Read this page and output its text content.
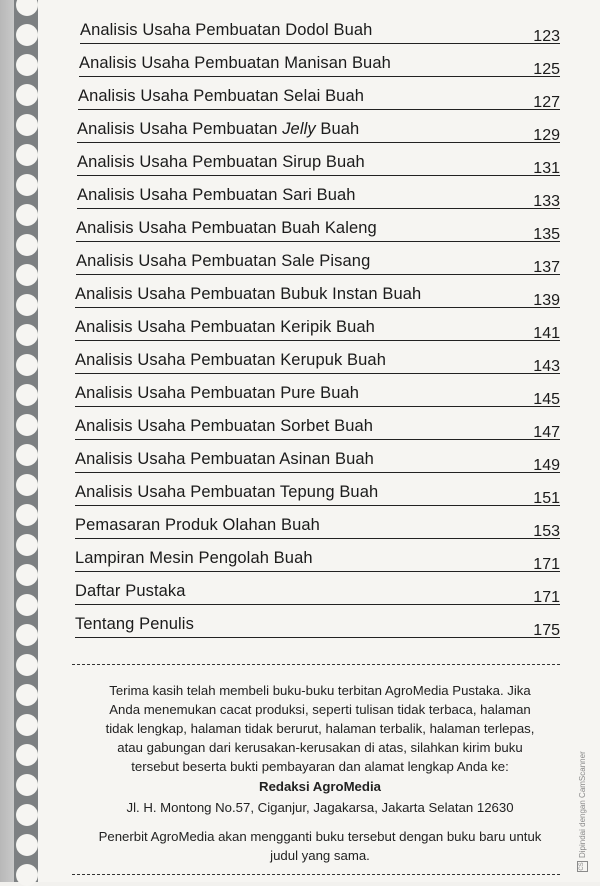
Analisis Usaha Pembuatan Dodol Buah	123
Analisis Usaha Pembuatan Manisan Buah	125
Analisis Usaha Pembuatan Selai Buah	127
Analisis Usaha Pembuatan Jelly Buah	129
Analisis Usaha Pembuatan Sirup Buah	131
Analisis Usaha Pembuatan Sari Buah	133
Analisis Usaha Pembuatan Buah Kaleng	135
Analisis Usaha Pembuatan Sale Pisang	137
Analisis Usaha Pembuatan Bubuk Instan Buah	139
Analisis Usaha Pembuatan Keripik Buah	141
Analisis Usaha Pembuatan Kerupuk Buah	143
Analisis Usaha Pembuatan Pure Buah	145
Analisis Usaha Pembuatan Sorbet Buah	147
Analisis Usaha Pembuatan Asinan Buah	149
Analisis Usaha Pembuatan Tepung Buah	151
Pemasaran Produk Olahan Buah	153
Lampiran Mesin Pengolah Buah	171
Daftar Pustaka	171
Tentang Penulis	175

Terima kasih telah membeli buku-buku terbitan AgroMedia Pustaka. Jika

Anda menemukan cacat produksi, seperti tulisan tidak terbaca, halaman

tidak lengkap, halaman tidak berurut, halaman terbalik, halaman terlepas,

atau gabungan dari kerusakan-kerusakan di atas, silahkan kirim buku

tersebut beserta bukti pembayaran dan alamat lengkap Anda ke:

Redaksi AgroMedia

Jl. H. Montong No.57, Ciganjur, Jagakarsa, Jakarta Selatan 12630

Penerbit AgroMedia akan mengganti buku tersebut dengan buku baru untuk

judul yang sama.

CSDipindai dengan CamScanner
